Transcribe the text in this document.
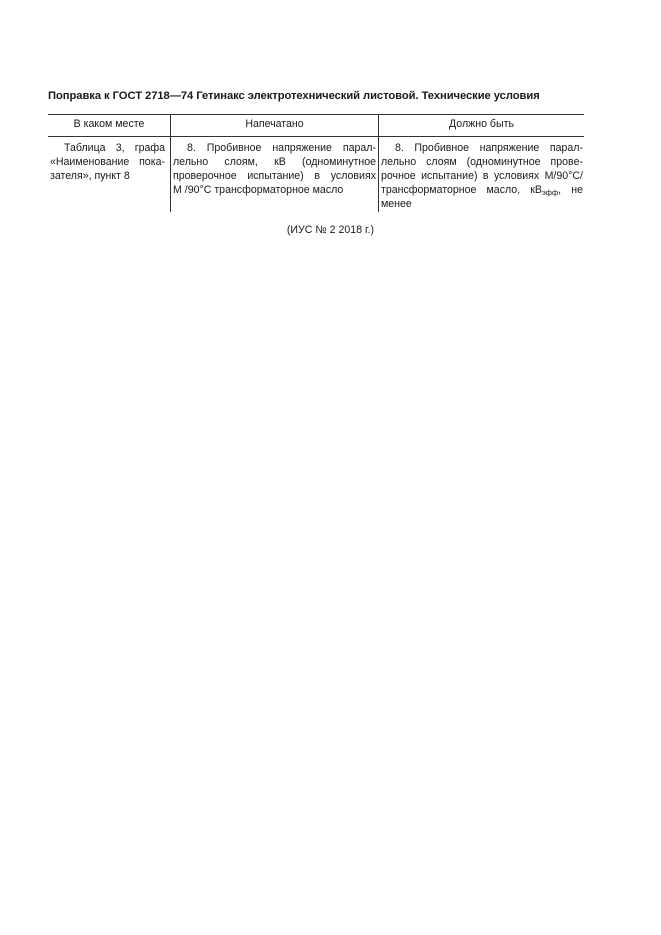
Поправка к ГОСТ 2718—74 Гетинакс электротехнический листовой. Технические условия
В каком месте	Напечатано	Должно быть
Таблица 3, графа
«Наименование пока-
зателя», пункт 8
8. Пробивное напряжение парал-
лельно слоям, кВ (одноминутное
проверочное испытание) в условиях
М /90°С трансформаторное масло
8. Пробивное напряжение парал-
лельно слоям (одноминутное прове-
рочное испытание) в условиях М/90°С/
трансформаторное масло, $кВ_{эфф}$, не
менее
(ИУС № 2 2018 г.)
